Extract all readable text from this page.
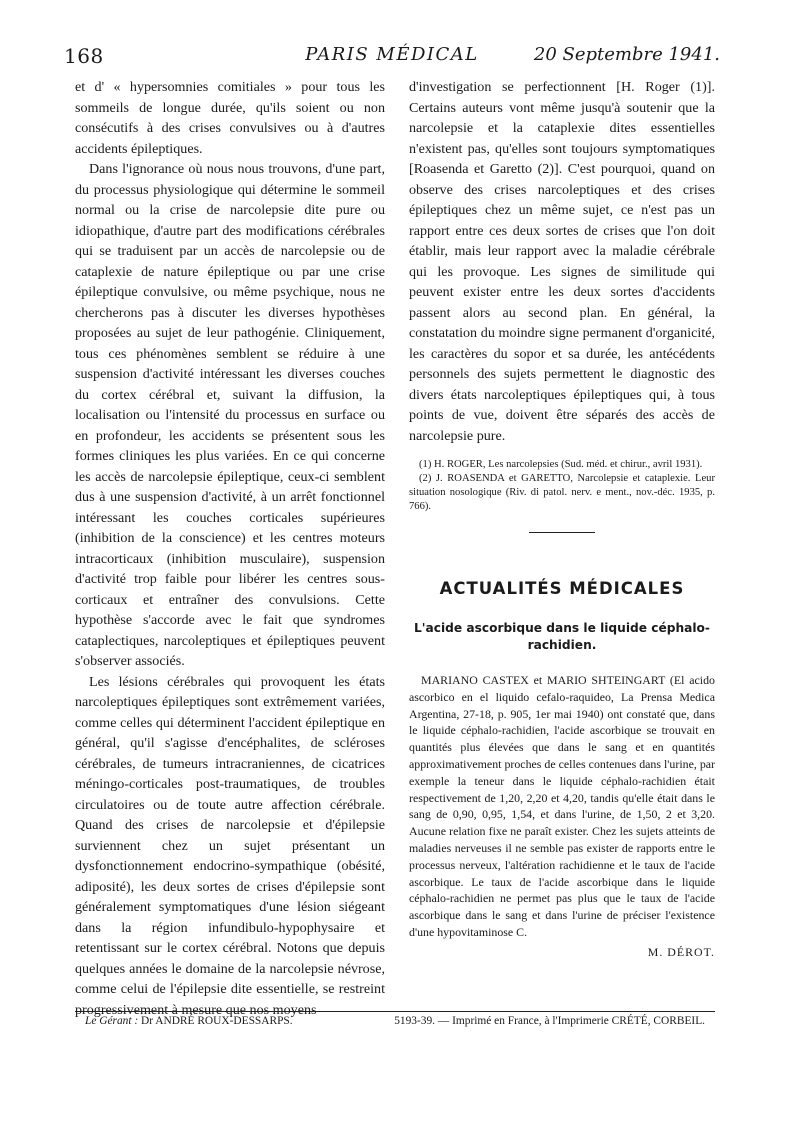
168	PARIS MÉDICAL	20 Septembre 1941.

et d' « hypersomnies comitiales » pour tous les sommeils de longue durée, qu'ils soient ou non consécutifs à des crises convulsives ou à d'autres accidents épileptiques.

Dans l'ignorance où nous nous trouvons, d'une part, du processus physiologique qui détermine le sommeil normal ou la crise de narcolepsie dite pure ou idiopathique, d'autre part des modifications cérébrales qui se traduisent par un accès de narcolepsie ou de cataplexie de nature épileptique ou par une crise épileptique convulsive, ou même psychique, nous ne chercherons pas à discuter les diverses hypothèses proposées au sujet de leur pathogénie. Cliniquement, tous ces phénomènes semblent se réduire à une suspension d'activité intéressant les diverses couches du cortex cérébral et, suivant la diffusion, la localisation ou l'intensité du processus en surface ou en profondeur, les accidents se présentent sous les formes cliniques les plus variées. En ce qui concerne les accès de narcolepsie épileptique, ceux-ci semblent dus à une suspension d'activité, à un arrêt fonctionnel intéressant les couches corticales supérieures (inhibition de la conscience) et les centres moteurs intracorticaux (inhibition musculaire), suspension d'activité trop faible pour libérer les centres sous-corticaux et entraîner des convulsions. Cette hypothèse s'accorde avec le fait que syndromes cataplectiques, narcoleptiques et épileptiques peuvent s'observer associés.

Les lésions cérébrales qui provoquent les états narcoleptiques épileptiques sont extrêmement variées, comme celles qui déterminent l'accident épileptique en général, qu'il s'agisse d'encéphalites, de scléroses cérébrales, de tumeurs intracraniennes, de cicatrices méningo-corticales post-traumatiques, de troubles circulatoires ou de toute autre affection cérébrale. Quand des crises de narcolepsie et d'épilepsie surviennent chez un sujet présentant un dysfonctionnement endocrino-sympathique (obésité, adiposité), les deux sortes de crises d'épilepsie sont généralement symptomatiques d'une lésion siégeant dans la région infundibulo-hypophysaire et retentissant sur le cortex cérébral. Notons que depuis quelques années le domaine de la narcolepsie névrose, comme celui de l'épilepsie dite essentielle, se restreint progressivement à mesure que nos moyens

d'investigation se perfectionnent [H. Roger (1)]. Certains auteurs vont même jusqu'à soutenir que la narcolepsie et la cataplexie dites essentielles n'existent pas, qu'elles sont toujours symptomatiques [Roasenda et Garetto (2)]. C'est pourquoi, quand on observe des crises narcoleptiques et des crises épileptiques chez un même sujet, ce n'est pas un rapport entre ces deux sortes de crises que l'on doit établir, mais leur rapport avec la maladie cérébrale qui les provoque. Les signes de similitude qui peuvent exister entre les deux sortes d'accidents passent alors au second plan. En général, la constatation du moindre signe permanent d'organicité, les caractères du sopor et sa durée, les antécédents personnels des sujets permettent le diagnostic des divers états narcoleptiques épileptiques qui, à tous points de vue, doivent être séparés des accès de narcolepsie pure.

(1) H. ROGER, Les narcolepsies (Sud. méd. et chirur., avril 1931).

(2) J. ROASENDA et GARETTO, Narcolepsie et cataplexie. Leur situation nosologique (Riv. di patol. nerv. e ment., nov.-déc. 1935, p. 766).

ACTUALITÉS MÉDICALES
L'acide ascorbique dans le liquide céphalo-rachidien.

MARIANO CASTEX et MARIO SHTEINGART (El acido ascorbico en el liquido cefalo-raquideo, La Prensa Medica Argentina, 27-18, p. 905, 1er mai 1940) ont constaté que, dans le liquide céphalo-rachidien, l'acide ascorbique se trouvait en quantités plus élevées que dans le sang et en quantités approximativement proches de celles contenues dans l'urine, par exemple la teneur dans le liquide céphalo-rachidien était respectivement de 1,20, 2,20 et 4,20, tandis qu'elle était dans le sang de 0,90, 0,95, 1,54, et dans l'urine, de 1,50, 2 et 3,20. Aucune relation fixe ne paraît exister. Chez les sujets atteints de maladies nerveuses il ne semble pas exister de rapports entre le processus nerveux, l'altération rachidienne et le taux de l'acide ascorbique. Le taux de l'acide ascorbique dans le liquide céphalo-rachidien ne permet pas plus que le taux de l'acide ascorbique dans le sang et dans l'urine de préciser l'existence d'une hypovitaminose C.

M. DÉROT.

Le Gérant : Dr ANDRÉ ROUX-DESSARPS.	5193-39. — Imprimé en France, à l'Imprimerie CRÉTÉ, CORBEIL.
